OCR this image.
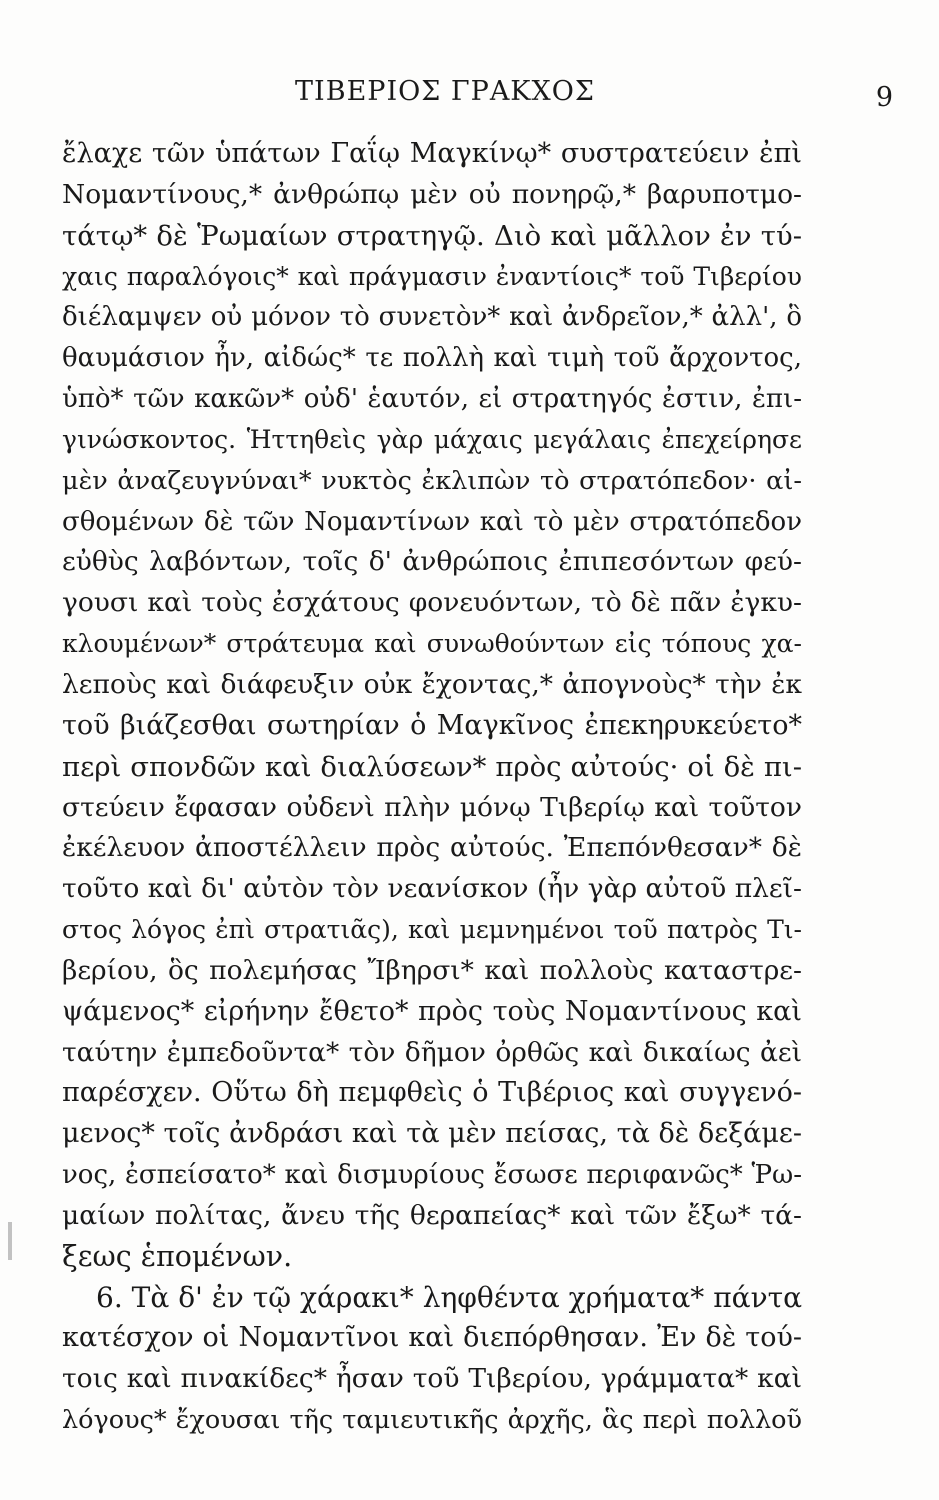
ΤΙΒΕΡΙΟΣ ΓΡΑΚΧΟΣ	9
ἔλαχε τῶν ὑπάτων Γαΐῳ Μαγκίνῳ* συστρατεύειν ἐπὶ
Νομαντίνους,* ἀνθρώπῳ μὲν οὐ πονηρῷ,* βαρυποτμο-
τάτῳ* δὲ Ῥωμαίων στρατηγῷ. Διὸ καὶ μᾶλλον ἐν τύ-
χαις παραλόγοις* καὶ πράγμασιν ἐναντίοις* τοῦ Τιβερίου
διέλαμψεν οὐ μόνον τὸ συνετὸν* καὶ ἀνδρεῖον,* ἀλλ', ὃ
θαυμάσιον ἦν, αἰδώς* τε πολλὴ καὶ τιμὴ τοῦ ἄρχοντος,
ὑπὸ* τῶν κακῶν* οὐδ' ἑαυτόν, εἰ στρατηγός ἐστιν, ἐπι-
γινώσκοντος. Ἡττηθεὶς γὰρ μάχαις μεγάλαις ἐπεχείρησε
μὲν ἀναζευγνύναι* νυκτὸς ἐκλιπὼν τὸ στρατόπεδον· αἰ-
σθομένων δὲ τῶν Νομαντίνων καὶ τὸ μὲν στρατόπεδον
εὐθὺς λαβόντων, τοῖς δ' ἀνθρώποις ἐπιπεσόντων φεύ-
γουσι καὶ τοὺς ἐσχάτους φονευόντων, τὸ δὲ πᾶν ἐγκυ-
κλουμένων* στράτευμα καὶ συνωθούντων εἰς τόπους χα-
λεποὺς καὶ διάφευξιν οὐκ ἔχοντας,* ἀπογνοὺς* τὴν ἐκ
τοῦ βιάζεσθαι σωτηρίαν ὁ Μαγκῖνος ἐπεκηρυκεύετο*
περὶ σπονδῶν καὶ διαλύσεων* πρὸς αὐτούς· οἱ δὲ πι-
στεύειν ἔφασαν οὐδενὶ πλὴν μόνῳ Τιβερίῳ καὶ τοῦτον
ἐκέλευον ἀποστέλλειν πρὸς αὐτούς. Ἐπεπόνθεσαν* δὲ
τοῦτο καὶ δι' αὐτὸν τὸν νεανίσκον (ἦν γὰρ αὐτοῦ πλεῖ-
στος λόγος ἐπὶ στρατιᾶς), καὶ μεμνημένοι τοῦ πατρὸς Τι-
βερίου, ὃς πολεμήσας Ἴβηρσι* καὶ πολλοὺς καταστρε-
ψάμενος* εἰρήνην ἔθετο* πρὸς τοὺς Νομαντίνους καὶ
ταύτην ἐμπεδοῦντα* τὸν δῆμον ὀρθῶς καὶ δικαίως ἀεὶ
παρέσχεν. Οὕτω δὴ πεμφθεὶς ὁ Τιβέριος καὶ συγγενό-
μενος* τοῖς ἀνδράσι καὶ τὰ μὲν πείσας, τὰ δὲ δεξάμε-
νος, ἐσπείσατο* καὶ δισμυρίους ἔσωσε περιφανῶς* Ῥω-
μαίων πολίτας, ἄνευ τῆς θεραπείας* καὶ τῶν ἔξω* τά-
ξεως ἑπομένων.
6. Τὰ δ' ἐν τῷ χάρακι* ληφθέντα χρήματα* πάντα
κατέσχον οἱ Νομαντῖνοι καὶ διεπόρθησαν. Ἐν δὲ τού-
τοις καὶ πινακίδες* ἦσαν τοῦ Τιβερίου, γράμματα* καὶ
λόγους* ἔχουσαι τῆς ταμιευτικῆς ἀρχῆς, ἃς περὶ πολλοῦ
